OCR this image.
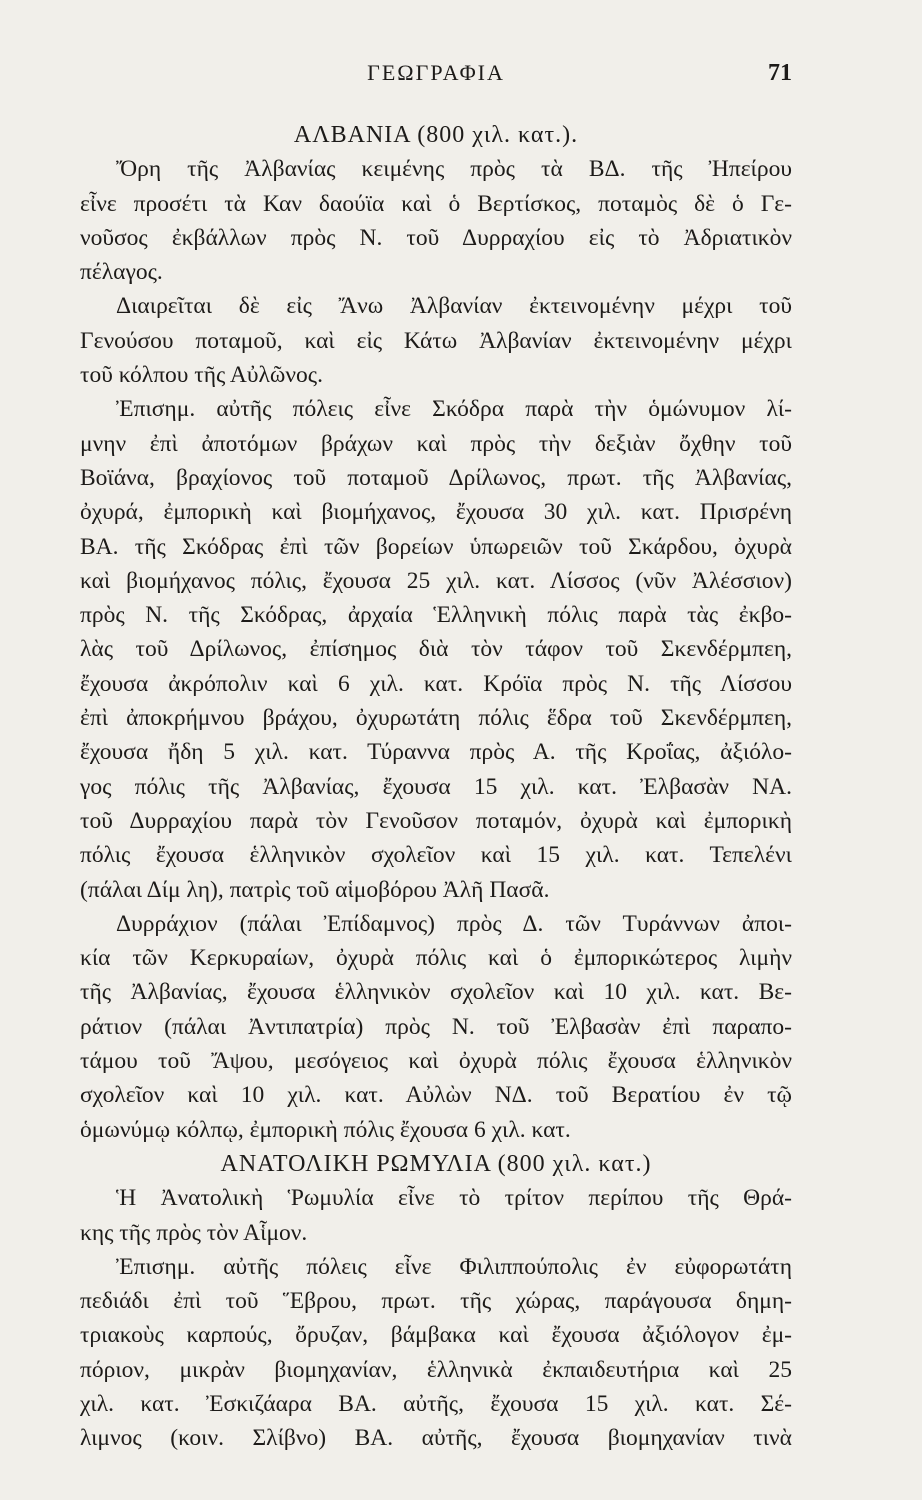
ΓΕΩΓΡΑΦΙΑ	71
ΑΛΒΑΝΙΑ (800 χιλ. κατ.).
Ὄρη τῆς Ἀλβανίας κειμένης πρὸς τὰ ΒΔ. τῆς Ἠπείρου
εἶνε προσέτι τὰ Καν δαούϊα καὶ ὁ Βερτίσκος, ποταμὸς δὲ ὁ Γε-
νοῦσος ἐκβάλλων πρὸς Ν. τοῦ Δυρραχίου εἰς τὸ Ἀδριατικὸν
πέλαγος.
Διαιρεῖται δὲ εἰς Ἄνω Ἀλβανίαν ἐκτεινομένην μέχρι τοῦ
Γενούσου ποταμοῦ, καὶ εἰς Κάτω Ἀλβανίαν ἐκτεινομένην μέχρι
τοῦ κόλπου τῆς Αὐλῶνος.
Ἐπισημ. αὐτῆς πόλεις εἶνε Σκόδρα παρὰ τὴν ὁμώνυμον λί-
μνην ἐπὶ ἀποτόμων βράχων καὶ πρὸς τὴν δεξιὰν ὄχθην τοῦ
Βοϊάνα, βραχίονος τοῦ ποταμοῦ Δρίλωνος, πρωτ. τῆς Ἀλβανίας,
ὀχυρά, ἐμπορικὴ καὶ βιομήχανος, ἔχουσα 30 χιλ. κατ. Πρισρένη
ΒΑ. τῆς Σκόδρας ἐπὶ τῶν βορείων ὑπωρειῶν τοῦ Σκάρδου, ὀχυρὰ
καὶ βιομήχανος πόλις, ἔχουσα 25 χιλ. κατ. Λίσσος (νῦν Ἀλέσσιον)
πρὸς Ν. τῆς Σκόδρας, ἀρχαία Ἑλληνικὴ πόλις παρὰ τὰς ἐκβο-
λὰς τοῦ Δρίλωνος, ἐπίσημος διὰ τὸν τάφον τοῦ Σκενδέρμπεη,
ἔχουσα ἀκρόπολιν καὶ 6 χιλ. κατ. Κρόϊα πρὸς Ν. τῆς Λίσσου
ἐπὶ ἀποκρήμνου βράχου, ὀχυρωτάτη πόλις ἕδρα τοῦ Σκενδέρμπεη,
ἔχουσα ἤδη 5 χιλ. κατ. Τύραννα πρὸς Α. τῆς Κροΐας, ἀξιόλο-
γος πόλις τῆς Ἀλβανίας, ἔχουσα 15 χιλ. κατ. Ἐλβασὰν ΝΑ.
τοῦ Δυρραχίου παρὰ τὸν Γενοῦσον ποταμόν, ὀχυρὰ καὶ ἐμπορικὴ
πόλις ἔχουσα ἑλληνικὸν σχολεῖον καὶ 15 χιλ. κατ. Τεπελένι
(πάλαι Δίμ λη), πατρὶς τοῦ αἱμοβόρου Ἀλῆ Πασᾶ.
Δυρράχιον (πάλαι Ἐπίδαμνος) πρὸς Δ. τῶν Τυράννων ἀποι-
κία τῶν Κερκυραίων, ὀχυρὰ πόλις καὶ ὁ ἐμπορικώτερος λιμὴν
τῆς Ἀλβανίας, ἔχουσα ἑλληνικὸν σχολεῖον καὶ 10 χιλ. κατ. Βε-
ράτιον (πάλαι Ἀντιπατρία) πρὸς Ν. τοῦ Ἐλβασὰν ἐπὶ παραπο-
τάμου τοῦ Ἄψου, μεσόγειος καὶ ὀχυρὰ πόλις ἔχουσα ἑλληνικὸν
σχολεῖον καὶ 10 χιλ. κατ. Αὐλὼν ΝΔ. τοῦ Βερατίου ἐν τῷ
ὁμωνύμῳ κόλπῳ, ἐμπορικὴ πόλις ἔχουσα 6 χιλ. κατ.
ΑΝΑΤΟΛΙΚΗ ΡΩΜΥΛΙΑ (800 χιλ. κατ.)
Ἡ Ἀνατολικὴ Ῥωμυλία εἶνε τὸ τρίτον περίπου τῆς Θρά-
κης τῆς πρὸς τὸν Αἷμον.
Ἐπισημ. αὐτῆς πόλεις εἶνε Φιλιππούπολις ἐν εὐφορωτάτη
πεδιάδι ἐπὶ τοῦ Ἕβρου, πρωτ. τῆς χώρας, παράγουσα δημη-
τριακοὺς καρπούς, ὄρυζαν, βάμβακα καὶ ἔχουσα ἀξιόλογον ἐμ-
πόριον, μικρὰν βιομηχανίαν, ἑλληνικὰ ἐκπαιδευτήρια καὶ 25
χιλ. κατ. Ἐσκιζάαρα ΒΑ. αὐτῆς, ἔχουσα 15 χιλ. κατ. Σέ-
λιμνος (κοιν. Σλίβνο) ΒΑ. αὐτῆς, ἔχουσα βιομηχανίαν τινὰ
